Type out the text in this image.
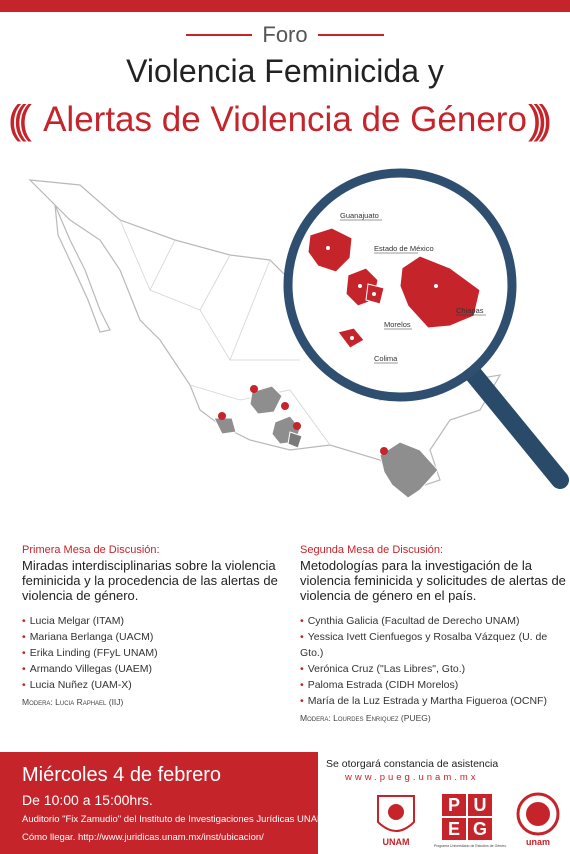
Foro
Violencia Feminicida y
(((	)))
Alertas de Violencia de Género
Guanajuato
Estado de México
Morelos
Chiapas
Colima
Primera Mesa de Discusión:
Miradas interdisciplinarias sobre la violencia feminicida y la procedencia de las alertas de violencia de género.
• Lucia Melgar (ITAM)
• Mariana Berlanga (UACM)
• Erika Linding (FFyL UNAM)
• Armando Villegas (UAEM)
• Lucia Nuñez (UAM-X)
Modera: Lucia Raphael (IIJ)
Segunda Mesa de Discusión:
Metodologías para la investigación de la violencia feminicida y solicitudes de alertas de violencia de género en el país.
• Cynthia Galicia (Facultad de Derecho UNAM)
• Yessica Ivett Cienfuegos y Rosalba Vázquez (U. de Gto.)
• Verónica Cruz ("Las Libres", Gto.)
• Paloma Estrada (CIDH Morelos)
• María de la Luz Estrada y Martha Figueroa (OCNF)
Modera: Lourdes Enriquez (PUEG)
Miércoles 4 de febrero
De 10:00 a 15:00hrs.
Auditorio "Fix Zamudio" del Instituto de Investigaciones Jurídicas UNAM
Cómo llegar. http://www.juridicas.unam.mx/inst/ubicacion/
Se otorgará constancia de asistencia
www.pueg.unam.mx
UNAM
P U
E G
Programa Universitario de Estudios de Género	unam
